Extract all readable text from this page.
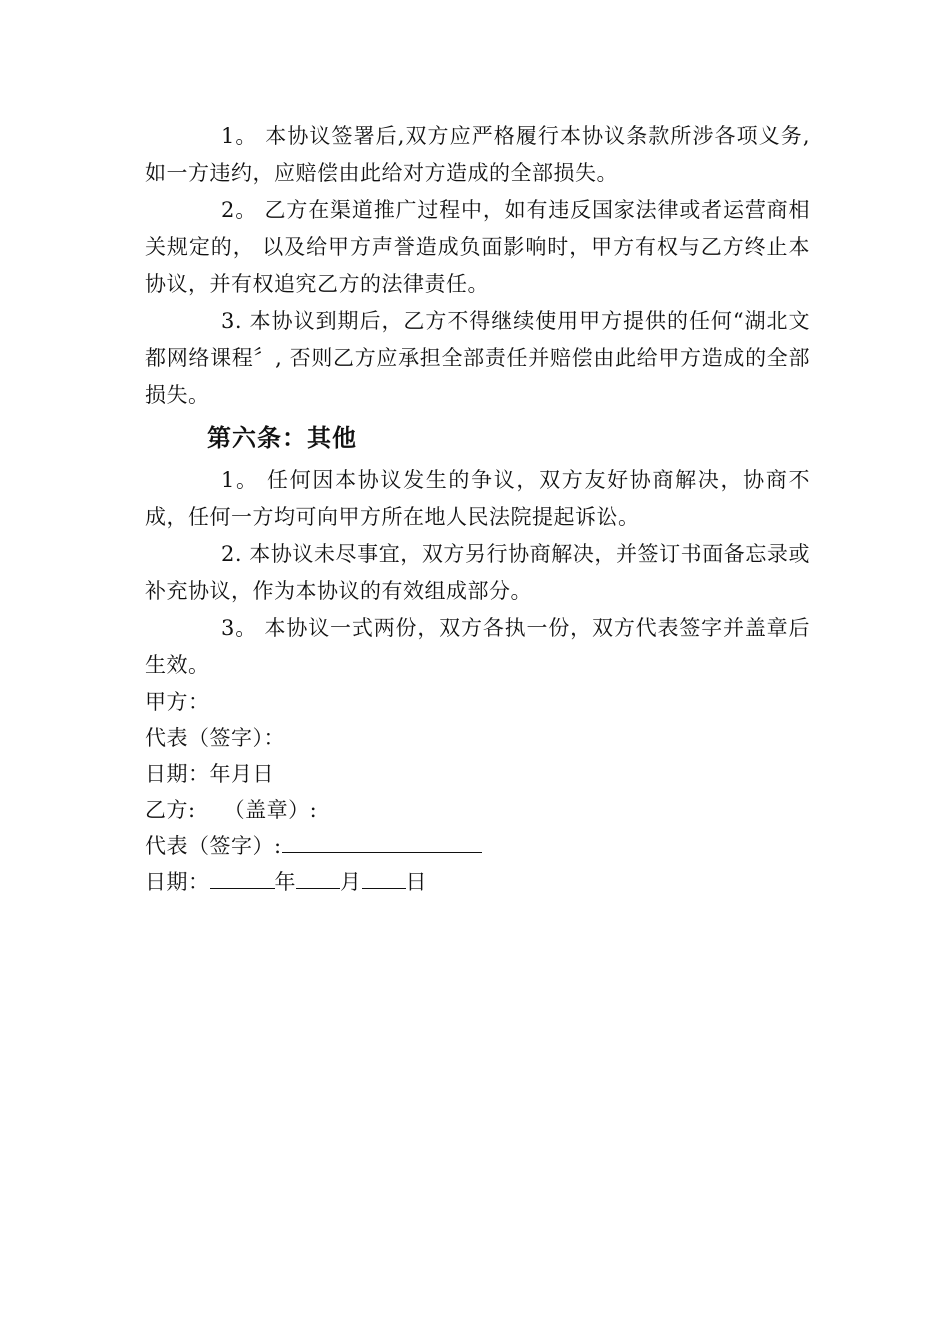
1。 本协议签署后,双方应严格履行本协议条款所涉各项义务,如一方违约，应赔偿由此给对方造成的全部损失。

2。 乙方在渠道推广过程中，如有违反国家法律或者运营商相关规定的， 以及给甲方声誉造成负面影响时，甲方有权与乙方终止本协议，并有权追究乙方的法律责任。

3. 本协议到期后，乙方不得继续使用甲方提供的任何“湖北文都网络课程〞, 否则乙方应承担全部责任并赔偿由此给甲方造成的全部损失。

第六条：其他

1。 任何因本协议发生的争议，双方友好协商解决，协商不成，任何一方均可向甲方所在地人民法院提起诉讼。

2. 本协议未尽事宜，双方另行协商解决，并签订书面备忘录或补充协议，作为本协议的有效组成部分。

3。 本协议一式两份，双方各执一份，双方代表签字并盖章后生效。

甲方：

代表（签字）：

日期：年月日

乙方: （盖章）:

代表（签字）:

日期：	年 月 日
